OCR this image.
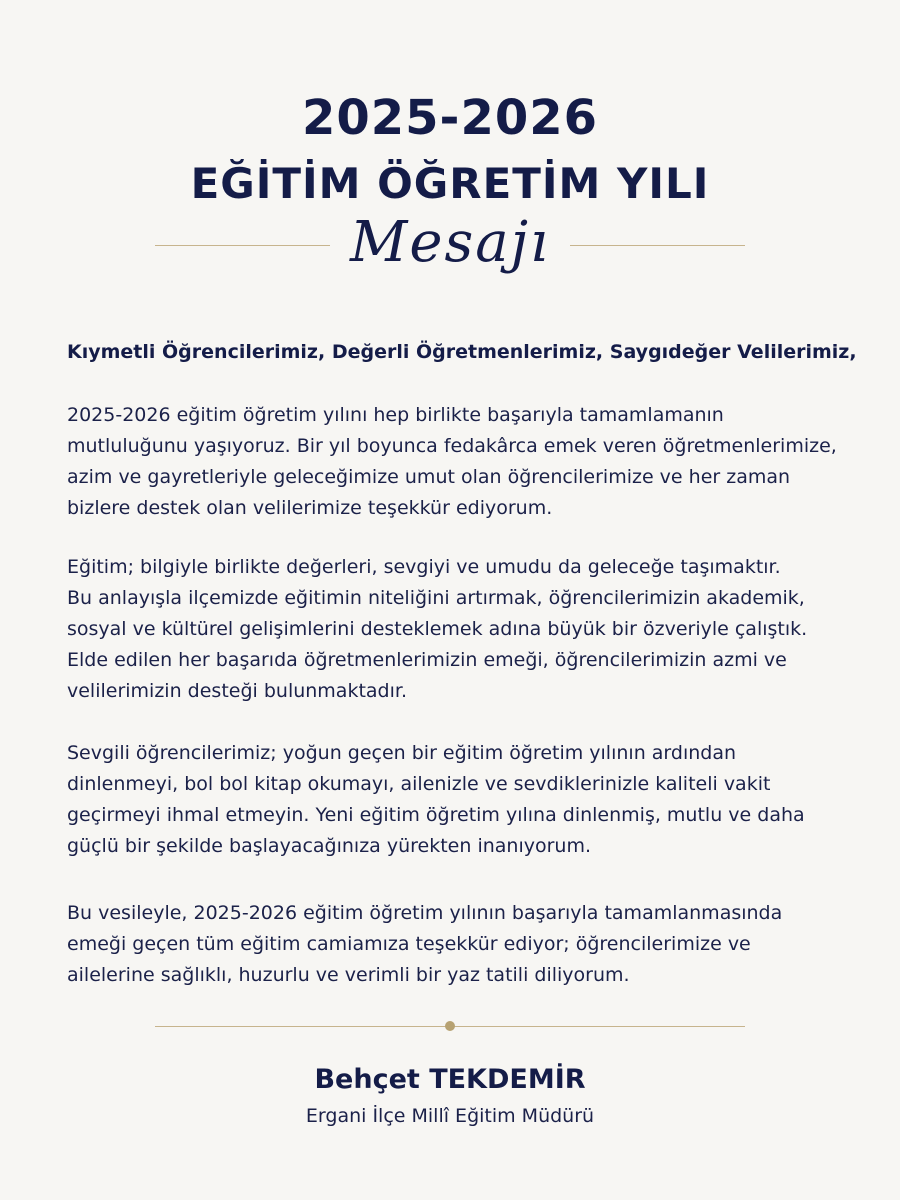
2025-2026
EĞİTİM ÖĞRETİM YILI
Mesajı
Kıymetli Öğrencilerimiz, Değerli Öğretmenlerimiz, Saygıdeğer Velilerimiz,

2025-2026 eğitim öğretim yılını hep birlikte başarıyla tamamlamanın
mutluluğunu yaşıyoruz. Bir yıl boyunca fedakârca emek veren öğretmenlerimize,
azim ve gayretleriyle geleceğimize umut olan öğrencilerimize ve her zaman
bizlere destek olan velilerimize teşekkür ediyorum.

Eğitim; bilgiyle birlikte değerleri, sevgiyi ve umudu da geleceğe taşımaktır.
Bu anlayışla ilçemizde eğitimin niteliğini artırmak, öğrencilerimizin akademik,
sosyal ve kültürel gelişimlerini desteklemek adına büyük bir özveriyle çalıştık.
Elde edilen her başarıda öğretmenlerimizin emeği, öğrencilerimizin azmi ve
velilerimizin desteği bulunmaktadır.

Sevgili öğrencilerimiz; yoğun geçen bir eğitim öğretim yılının ardından
dinlenmeyi, bol bol kitap okumayı, ailenizle ve sevdiklerinizle kaliteli vakit
geçirmeyi ihmal etmeyin. Yeni eğitim öğretim yılına dinlenmiş, mutlu ve daha
güçlü bir şekilde başlayacağınıza yürekten inanıyorum.

Bu vesileyle, 2025-2026 eğitim öğretim yılının başarıyla tamamlanmasında
emeği geçen tüm eğitim camiamıza teşekkür ediyor; öğrencilerimize ve
ailelerine sağlıklı, huzurlu ve verimli bir yaz tatili diliyorum.

Behçet TEKDEMİR
Ergani İlçe Millî Eğitim Müdürü
